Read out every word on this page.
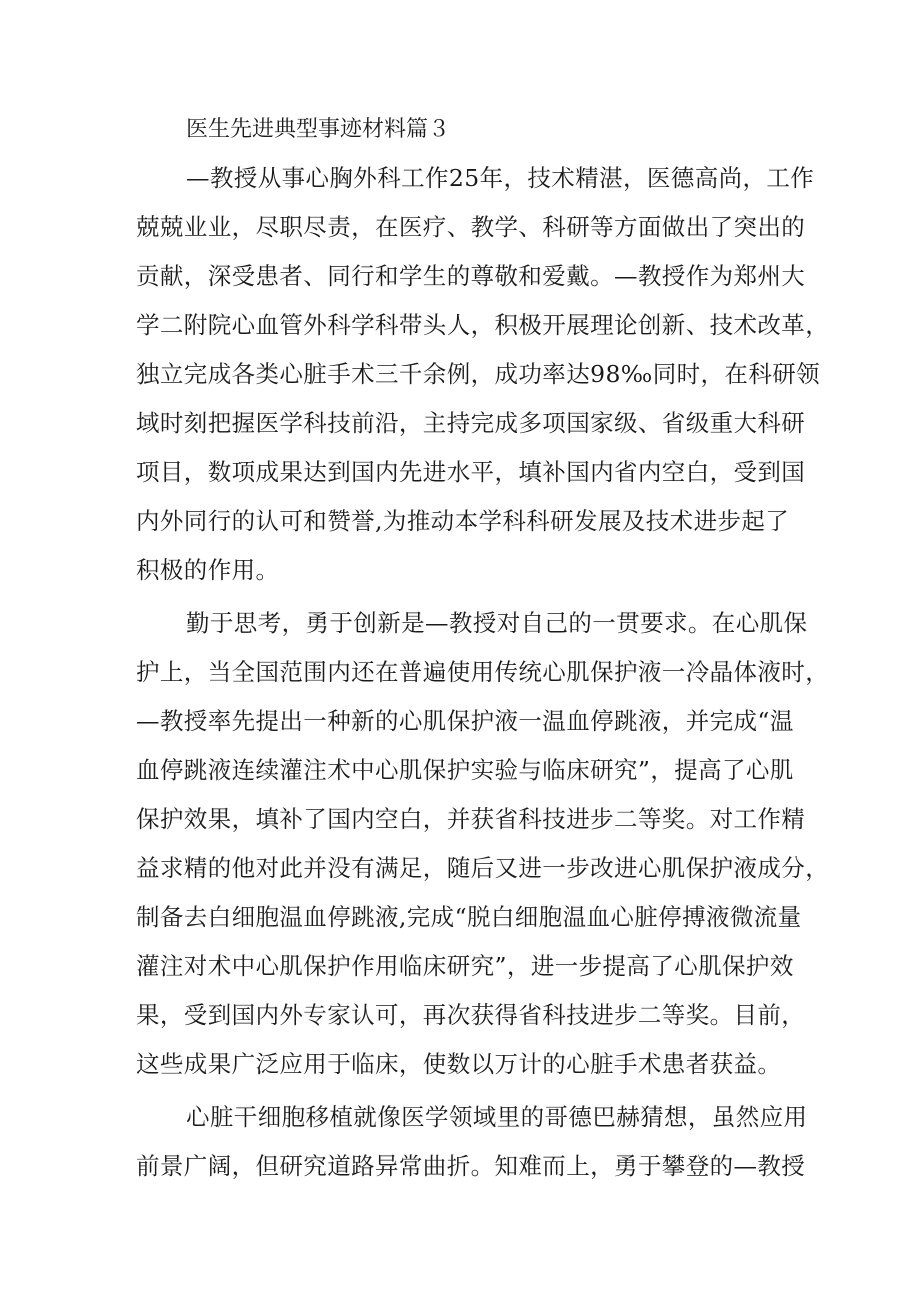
医生先进典型事迹材料篇３
—教授从事心胸外科工作25年，技术精湛，医德高尚，工作
兢兢业业，尽职尽责，在医疗、教学、科研等方面做出了突出的
贡献，深受患者、同行和学生的尊敬和爱戴。—教授作为郑州大
学二附院心血管外科学科带头人，积极开展理论创新、技术改革，
独立完成各类心脏手术三千余例，成功率达98‰同时，在科研领
域时刻把握医学科技前沿，主持完成多项国家级、省级重大科研
项目，数项成果达到国内先进水平，填补国内省内空白，受到国
内外同行的认可和赞誉,为推动本学科科研发展及技术进步起了
积极的作用。
勤于思考，勇于创新是—教授对自己的一贯要求。在心肌保
护上，当全国范围内还在普遍使用传统心肌保护液一冷晶体液时，
—教授率先提出一种新的心肌保护液一温血停跳液，并完成“温
血停跳液连续灌注术中心肌保护实验与临床研究”，提高了心肌
保护效果，填补了国内空白，并获省科技进步二等奖。对工作精
益求精的他对此并没有满足，随后又进一步改进心肌保护液成分，
制备去白细胞温血停跳液,完成“脱白细胞温血心脏停搏液微流量
灌注对术中心肌保护作用临床研究”，进一步提高了心肌保护效
果，受到国内外专家认可，再次获得省科技进步二等奖。目前，
这些成果广泛应用于临床，使数以万计的心脏手术患者获益。
心脏干细胞移植就像医学领域里的哥德巴赫猜想，虽然应用
前景广阔，但研究道路异常曲折。知难而上，勇于攀登的—教授
